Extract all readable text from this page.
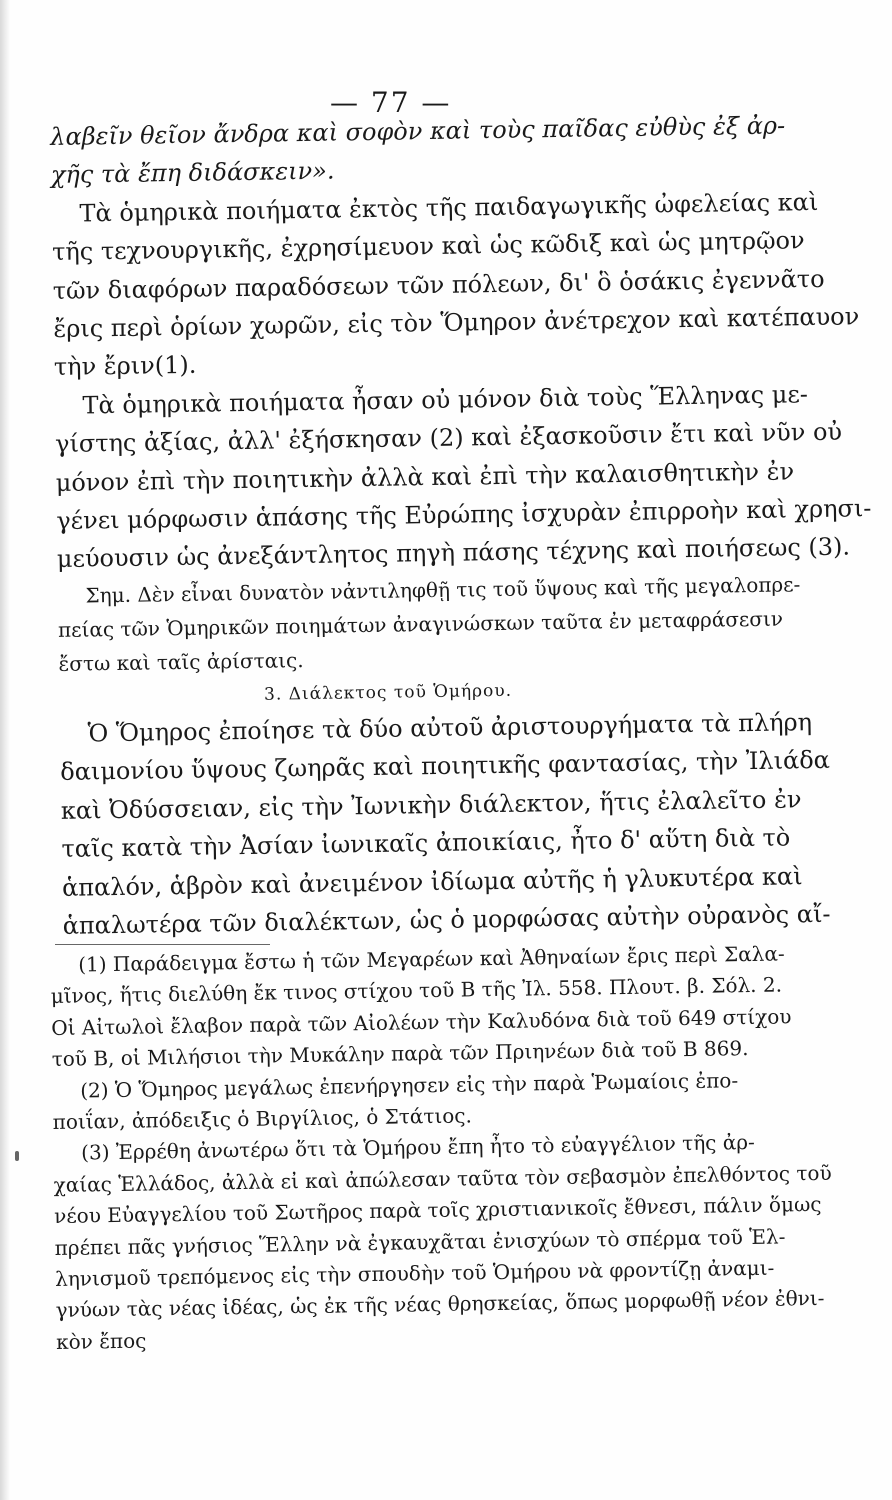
— 77 —
λαβεῖν θεῖον ἄνδρα καὶ σοφὸν καὶ τοὺς παῖδας εὐθὺς ἐξ ἀρ-
χῆς τὰ ἔπη διδάσκειν».
Τὰ ὁμηρικὰ ποιήματα ἐκτὸς τῆς παιδαγωγικῆς ὠφελείας καὶ
τῆς τεχνουργικῆς, ἐχρησίμευον καὶ ὡς κῶδιξ καὶ ὡς μητρῷον
τῶν διαφόρων παραδόσεων τῶν πόλεων, δι' ὃ ὁσάκις ἐγεννᾶτο
ἔρις περὶ ὁρίων χωρῶν, εἰς τὸν Ὅμηρον ἀνέτρεχον καὶ κατέπαυον
τὴν ἔριν(1).
Τὰ ὁμηρικὰ ποιήματα ἦσαν οὐ μόνον διὰ τοὺς Ἕλληνας με-
γίστης ἀξίας, ἀλλ' ἐξήσκησαν (2) καὶ ἐξασκοῦσιν ἔτι καὶ νῦν οὐ
μόνον ἐπὶ τὴν ποιητικὴν ἀλλὰ καὶ ἐπὶ τὴν καλαισθητικὴν ἐν
γένει μόρφωσιν ἁπάσης τῆς Εὐρώπης ἰσχυρὰν ἐπιρροὴν καὶ χρησι-
μεύουσιν ὡς ἀνεξάντλητος πηγὴ πάσης τέχνης καὶ ποιήσεως (3).
Σημ. Δὲν εἶναι δυνατὸν νἀντιληφθῇ τις τοῦ ὕψους καὶ τῆς μεγαλοπρε-
πείας τῶν Ὁμηρικῶν ποιημάτων ἀναγινώσκων ταῦτα ἐν μεταφράσεσιν
ἔστω καὶ ταῖς ἀρίσταις.
3. Διάλεκτος τοῦ Ὁμήρου.
Ὁ Ὅμηρος ἐποίησε τὰ δύο αὐτοῦ ἀριστουργήματα τὰ πλήρη
δαιμονίου ὕψους ζωηρᾶς καὶ ποιητικῆς φαντασίας, τὴν Ἰλιάδα
καὶ Ὀδύσσειαν, εἰς τὴν Ἰωνικὴν διάλεκτον, ἥτις ἐλαλεῖτο ἐν
ταῖς κατὰ τὴν Ἀσίαν ἰωνικαῖς ἀποικίαις, ἦτο δ' αὕτη διὰ τὸ
ἁπαλόν, ἁβρὸν καὶ ἀνειμένον ἰδίωμα αὐτῆς ἡ γλυκυτέρα καὶ
ἁπαλωτέρα τῶν διαλέκτων, ὡς ὁ μορφώσας αὐτὴν οὐρανὸς αἴ-
(1) Παράδειγμα ἔστω ἡ τῶν Μεγαρέων καὶ Ἀθηναίων ἔρις περὶ Σαλα-
μῖνος, ἥτις διελύθη ἔκ τινος στίχου τοῦ Β τῆς Ἰλ. 558. Πλουτ. β. Σόλ. 2.
Οἱ Αἰτωλοὶ ἔλαβον παρὰ τῶν Αἰολέων τὴν Καλυδόνα διὰ τοῦ 649 στίχου
τοῦ Β, οἱ Μιλήσιοι τὴν Μυκάλην παρὰ τῶν Πριηνέων διὰ τοῦ Β 869.
(2) Ὁ Ὅμηρος μεγάλως ἐπενήργησεν εἰς τὴν παρὰ Ῥωμαίοις ἐπο-
ποιΐαν, ἀπόδειξις ὁ Βιργίλιος, ὁ Στάτιος.
(3) Ἐρρέθη ἀνωτέρω ὅτι τὰ Ὁμήρου ἔπη ἦτο τὸ εὐαγγέλιον τῆς ἀρ-
χαίας Ἑλλάδος, ἀλλὰ εἰ καὶ ἀπώλεσαν ταῦτα τὸν σεβασμὸν ἐπελθόντος τοῦ
νέου Εὐαγγελίου τοῦ Σωτῆρος παρὰ τοῖς χριστιανικοῖς ἔθνεσι, πάλιν ὅμως
πρέπει πᾶς γνήσιος Ἕλλην νὰ ἐγκαυχᾶται ἐνισχύων τὸ σπέρμα τοῦ Ἑλ-
ληνισμοῦ τρεπόμενος εἰς τὴν σπουδὴν τοῦ Ὁμήρου νὰ φροντίζῃ ἀναμι-
γνύων τὰς νέας ἰδέας, ὡς ἐκ τῆς νέας θρησκείας, ὅπως μορφωθῇ νέον ἐθνι-
κὸν ἔπος
